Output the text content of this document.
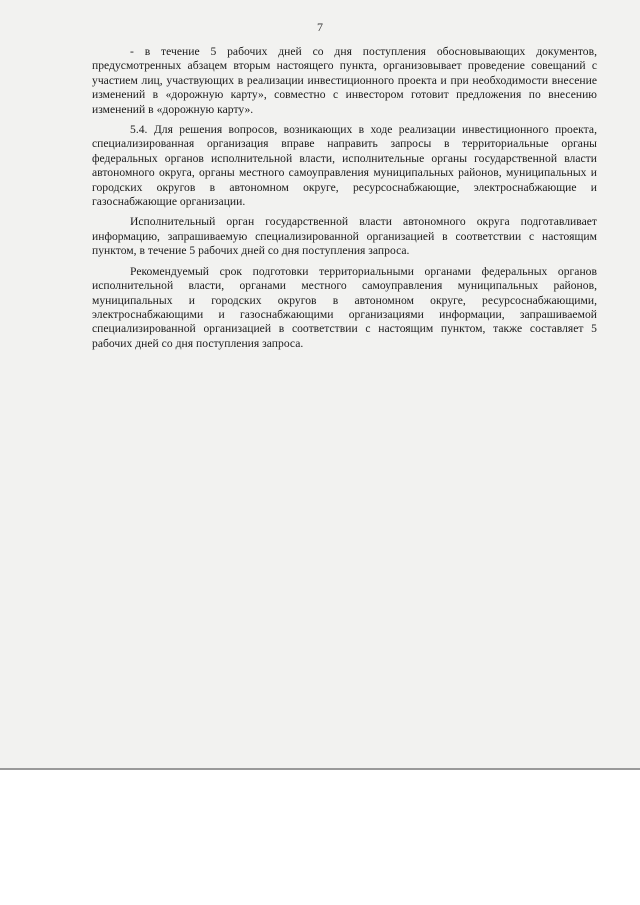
7

- в течение 5 рабочих дней со дня поступления обосновывающих документов, предусмотренных абзацем вторым настоящего пункта, организовывает проведение совещаний с участием лиц, участвующих в реализации инвестиционного проекта и при необходимости внесение изменений в «дорожную карту», совместно с инвестором готовит предложения по внесению изменений в «дорожную карту».

5.4. Для решения вопросов, возникающих в ходе реализации инвестиционного проекта, специализированная организация вправе направить запросы в территориальные органы федеральных органов исполнительной власти, исполнительные органы государственной власти автономного округа, органы местного самоуправления муниципальных районов, муниципальных и городских округов в автономном округе, ресурсоснабжающие, электроснабжающие и газоснабжающие организации.

Исполнительный орган государственной власти автономного округа подготавливает информацию, запрашиваемую специализированной организацией в соответствии с настоящим пунктом, в течение 5 рабочих дней со дня поступления запроса.

Рекомендуемый срок подготовки территориальными органами федеральных органов исполнительной власти, органами местного самоуправления муниципальных районов, муниципальных и городских округов в автономном округе, ресурсоснабжающими, электроснабжающими и газоснабжающими организациями информации, запрашиваемой специализированной организацией в соответствии с настоящим пунктом, также составляет 5 рабочих дней со дня поступления запроса.
